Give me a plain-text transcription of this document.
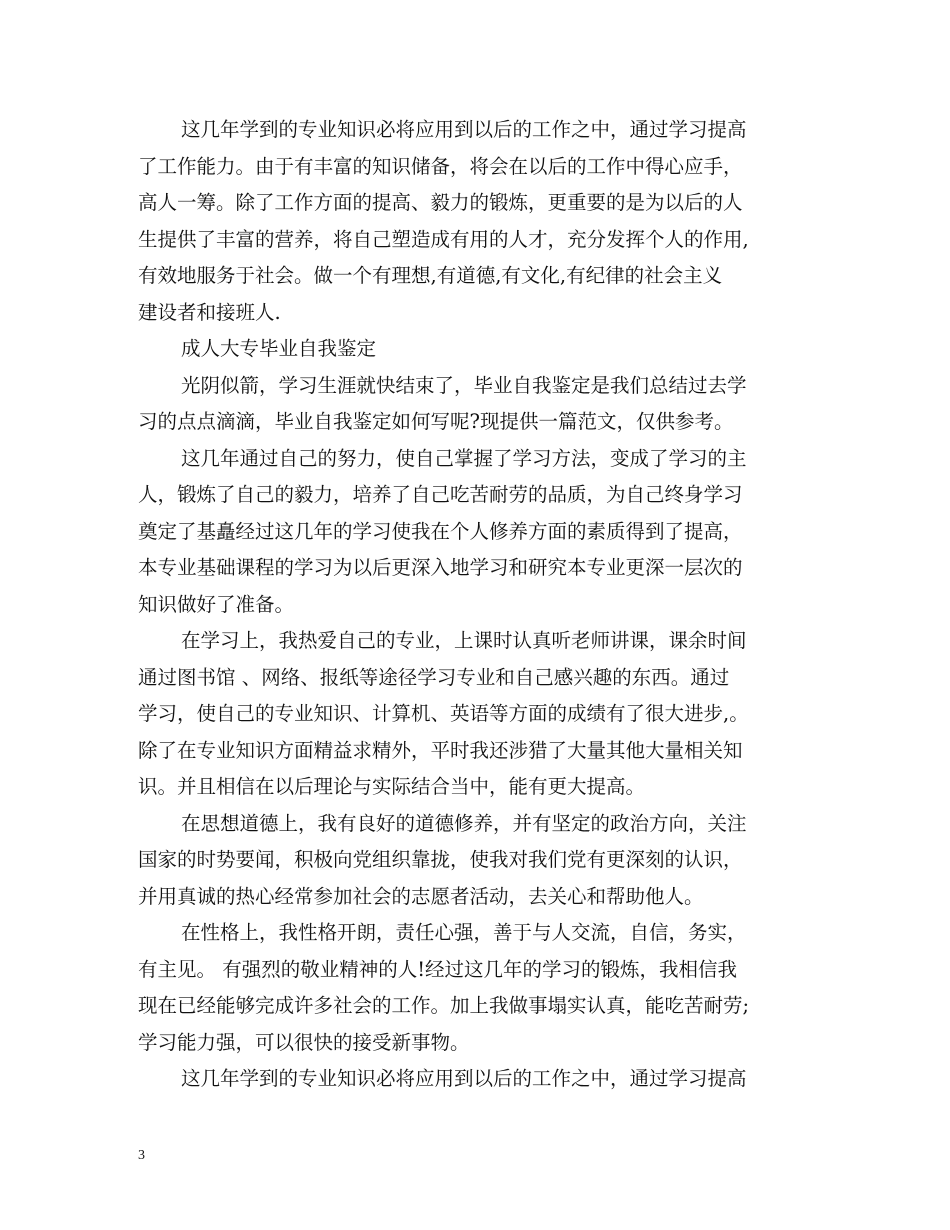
这几年学到的专业知识必将应用到以后的工作之中，通过学习提高
了工作能力。由于有丰富的知识储备，将会在以后的工作中得心应手，
高人一筹。除了工作方面的提高、毅力的锻炼，更重要的是为以后的人
生提供了丰富的营养，将自己塑造成有用的人才，充分发挥个人的作用,
有效地服务于社会。做一个有理想,有道德,有文化,有纪律的社会主义
建设者和接班人.

成人大专毕业自我鉴定

光阴似箭，学习生涯就快结束了，毕业自我鉴定是我们总结过去学
习的点点滴滴，毕业自我鉴定如何写呢?现提供一篇范文，仅供参考。

这几年通过自己的努力，使自己掌握了学习方法，变成了学习的主
人，锻炼了自己的毅力，培养了自己吃苦耐劳的品质，为自己终身学习
奠定了基矗经过这几年的学习使我在个人修养方面的素质得到了提高，
本专业基础课程的学习为以后更深入地学习和研究本专业更深一层次的
知识做好了准备。

在学习上，我热爱自己的专业，上课时认真听老师讲课，课余时间
通过图书馆 、网络、报纸等途径学习专业和自己感兴趣的东西。通过
学习，使自己的专业知识、计算机、英语等方面的成绩有了很大进步,。
除了在专业知识方面精益求精外，平时我还涉猎了大量其他大量相关知
识。并且相信在以后理论与实际结合当中，能有更大提高。

在思想道德上，我有良好的道德修养，并有坚定的政治方向，关注
国家的时势要闻，积极向党组织靠拢，使我对我们党有更深刻的认识，
并用真诚的热心经常参加社会的志愿者活动，去关心和帮助他人。

在性格上，我性格开朗，责任心强，善于与人交流，自信，务实，
有主见。 有强烈的敬业精神的人!经过这几年的学习的锻炼，我相信我
现在已经能够完成许多社会的工作。加上我做事塌实认真，能吃苦耐劳;
学习能力强，可以很快的接受新事物。

这几年学到的专业知识必将应用到以后的工作之中，通过学习提高

3
